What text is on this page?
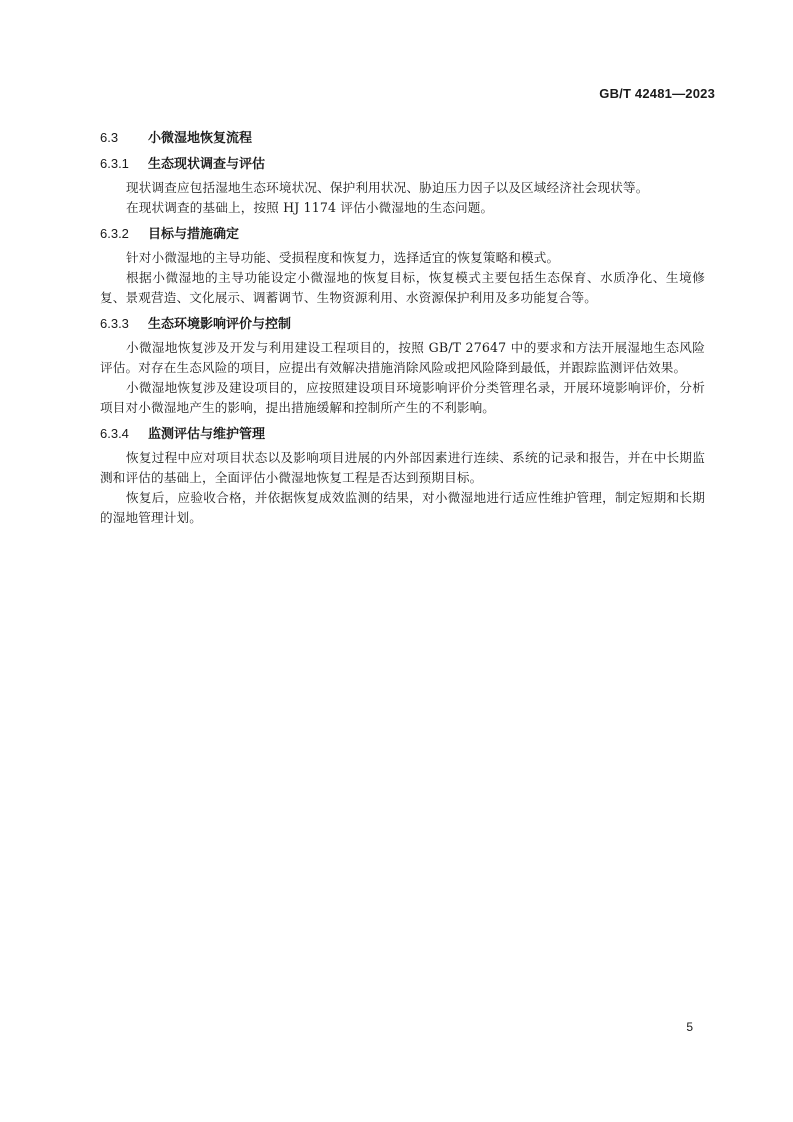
GB/T 42481—2023
6.3	小微湿地恢复流程
6.3.1	生态现状调查与评估

现状调查应包括湿地生态环境状况、保护利用状况、胁迫压力因子以及区域经济社会现状等。

在现状调查的基础上，按照 HJ 1174 评估小微湿地的生态问题。

6.3.2	目标与措施确定

针对小微湿地的主导功能、受损程度和恢复力，选择适宜的恢复策略和模式。

根据小微湿地的主导功能设定小微湿地的恢复目标，恢复模式主要包括生态保育、水质净化、生境修复、景观营造、文化展示、调蓄调节、生物资源利用、水资源保护利用及多功能复合等。

6.3.3	生态环境影响评价与控制

小微湿地恢复涉及开发与利用建设工程项目的，按照 GB/T 27647 中的要求和方法开展湿地生态风险评估。对存在生态风险的项目，应提出有效解决措施消除风险或把风险降到最低，并跟踪监测评估效果。

小微湿地恢复涉及建设项目的，应按照建设项目环境影响评价分类管理名录，开展环境影响评价，分析项目对小微湿地产生的影响，提出措施缓解和控制所产生的不利影响。

6.3.4	监测评估与维护管理

恢复过程中应对项目状态以及影响项目进展的内外部因素进行连续、系统的记录和报告，并在中长期监测和评估的基础上，全面评估小微湿地恢复工程是否达到预期目标。

恢复后，应验收合格，并依据恢复成效监测的结果，对小微湿地进行适应性维护管理，制定短期和长期的湿地管理计划。

5
